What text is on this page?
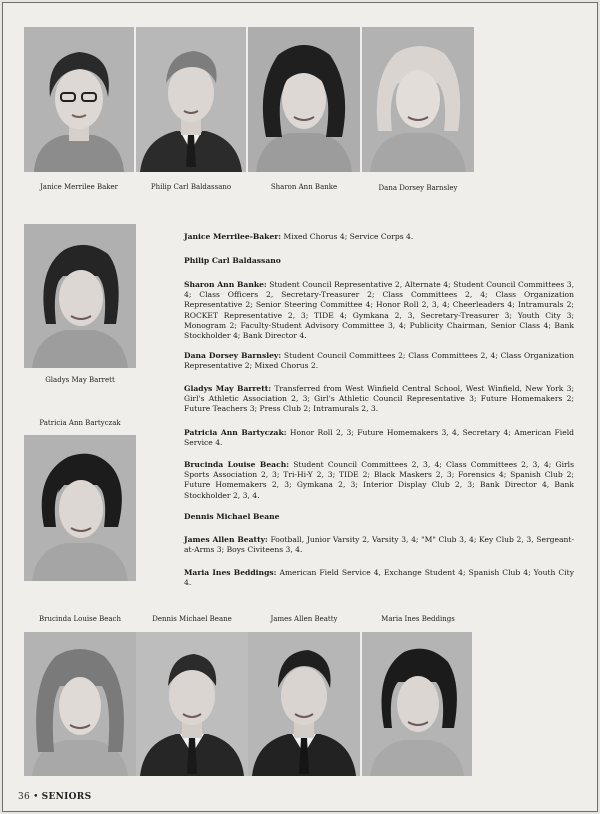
Janice Merrilee Baker	Philip Carl Baldassano	Sharon Ann Banke	Dana Dorsey Barnsley
Gladys May Barrett
Patricia Ann Bartyczak
Janice Merrilee-Baker: Mixed Chorus 4; Service Corps 4.
Philip Carl Baldassano
Sharon Ann Banke: Student Council Representative 2, Alternate 4; Student Council Committees 3, 4; Class Officers 2, Secretary-Treasurer 2; Class Committees 2, 4; Class Organization Representative 2; Senior Steering Committee 4; Honor Roll 2, 3, 4; Cheerleaders 4; Intramurals 2; ROCKET Representative 2, 3; TIDE 4; Gymkana 2, 3, Secretary-Treasurer 3; Youth City 3; Monogram 2; Faculty-Student Advisory Committee 3, 4; Publicity Chairman, Senior Class 4; Bank Stockholder 4; Bank Director 4.
Dana Dorsey Barnsley: Student Council Committees 2; Class Committees 2, 4; Class Organization Representative 2; Mixed Chorus 2.
Gladys May Barrett: Transferred from West Winfield Central School, West Winfield, New York 3; Girl's Athletic Association 2, 3; Girl's Athletic Council Representative 3; Future Homemakers 2; Future Teachers 3; Press Club 2; Intramurals 2, 3.
Patricia Ann Bartyczak: Honor Roll 2, 3; Future Homemakers 3, 4, Secretary 4; American Field Service 4.
Brucinda Louise Beach: Student Council Committees 2, 3, 4; Class Committees 2, 3, 4; Girls Sports Association 2, 3; Tri-Hi-Y 2, 3; TIDE 2; Black Maskers 2, 3; Forensics 4; Spanish Club 2; Future Homemakers 2, 3; Gymkana 2, 3; Interior Display Club 2, 3; Bank Director 4, Bank Stockholder 2, 3, 4.
Dennis Michael Beane
James Allen Beatty: Football, Junior Varsity 2, Varsity 3, 4; "M" Club 3, 4; Key Club 2, 3, Sergeant-at-Arms 3; Boys Civiteens 3, 4.
Maria Ines Beddings: American Field Service 4, Exchange Student 4; Spanish Club 4; Youth City 4.
Brucinda Louise Beach	Dennis Michael Beane	James Allen Beatty	Maria Ines Beddings
36 • SENIORS
